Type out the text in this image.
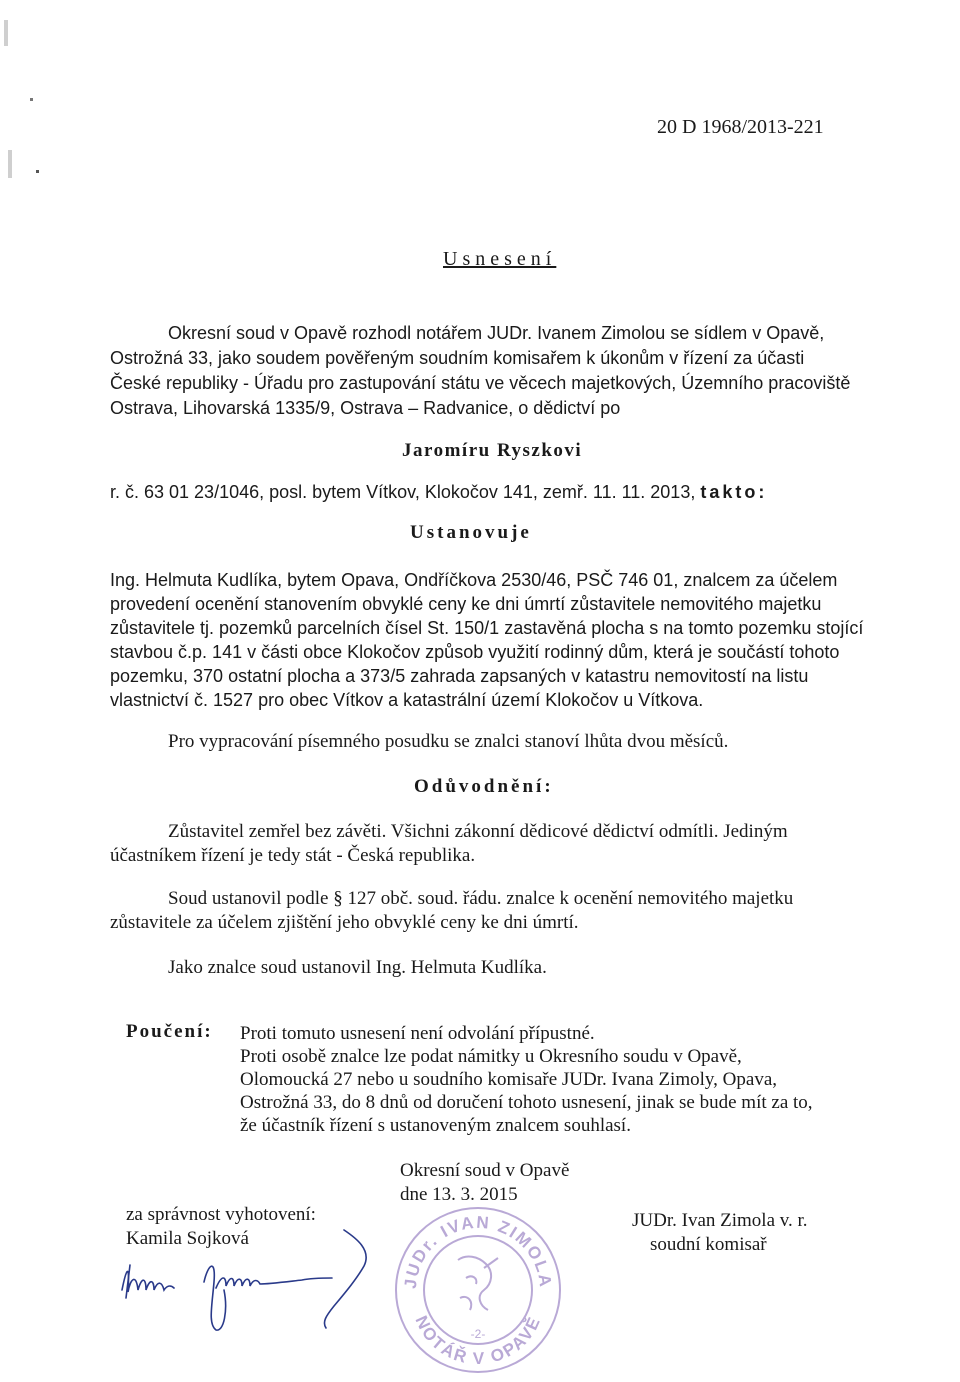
20 D 1968/2013-221
Usnesení
Okresní soud v Opavě rozhodl notářem JUDr. Ivanem Zimolou se sídlem v Opavě,
Ostrožná 33, jako soudem pověřeným soudním komisařem k úkonům v řízení za účasti
České republiky - Úřadu pro zastupování státu ve věcech majetkových, Územního pracoviště
Ostrava, Lihovarská 1335/9, Ostrava – Radvanice, o dědictví po
Jaromíru Ryszkovi
r. č. 63 01 23/1046, posl. bytem Vítkov, Klokočov 141, zemř. 11. 11. 2013, takto:
Ustanovuje
Ing. Helmuta Kudlíka, bytem Opava, Ondříčkova 2530/46, PSČ 746 01, znalcem za účelem
provedení ocenění stanovením obvyklé ceny ke dni úmrtí zůstavitele nemovitého majetku
zůstavitele tj. pozemků parcelních čísel St. 150/1 zastavěná plocha s na tomto pozemku stojící
stavbou č.p. 141 v části obce Klokočov způsob využití rodinný dům, která je součástí tohoto
pozemku, 370 ostatní plocha a 373/5 zahrada zapsaných v katastru nemovitostí na listu
vlastnictví č. 1527 pro obec Vítkov a katastrální území Klokočov u Vítkova.
Pro vypracování písemného posudku se znalci stanoví lhůta dvou měsíců.
Odůvodnění:
Zůstavitel zemřel bez závěti. Všichni zákonní dědicové dědictví odmítli. Jediným
účastníkem řízení je tedy stát - Česká republika.
Soud ustanovil podle § 127 obč. soud. řádu. znalce k ocenění nemovitého majetku
zůstavitele za účelem zjištění jeho obvyklé ceny ke dni úmrtí.
Jako znalce soud ustanovil Ing. Helmuta Kudlíka.
Poučení: Proti tomuto usnesení není odvolání přípustné.
Proti osobě znalce lze podat námitky u Okresního soudu v Opavě,
Olomoucká 27 nebo u soudního komisaře JUDr. Ivana Zimoly, Opava,
Ostrožná 33, do 8 dnů od doručení tohoto usnesení, jinak se bude mít za to,
že účastník řízení s ustanoveným znalcem souhlasí.
Okresní soud v Opavě
dne 13. 3. 2015
za správnost vyhotovení:
Kamila Sojková
JUDr. Ivan Zimola v. r.
soudní komisař
JUDr. IVAN ZIMOLA
NOTÁŘ V OPAVĚ
-2-
